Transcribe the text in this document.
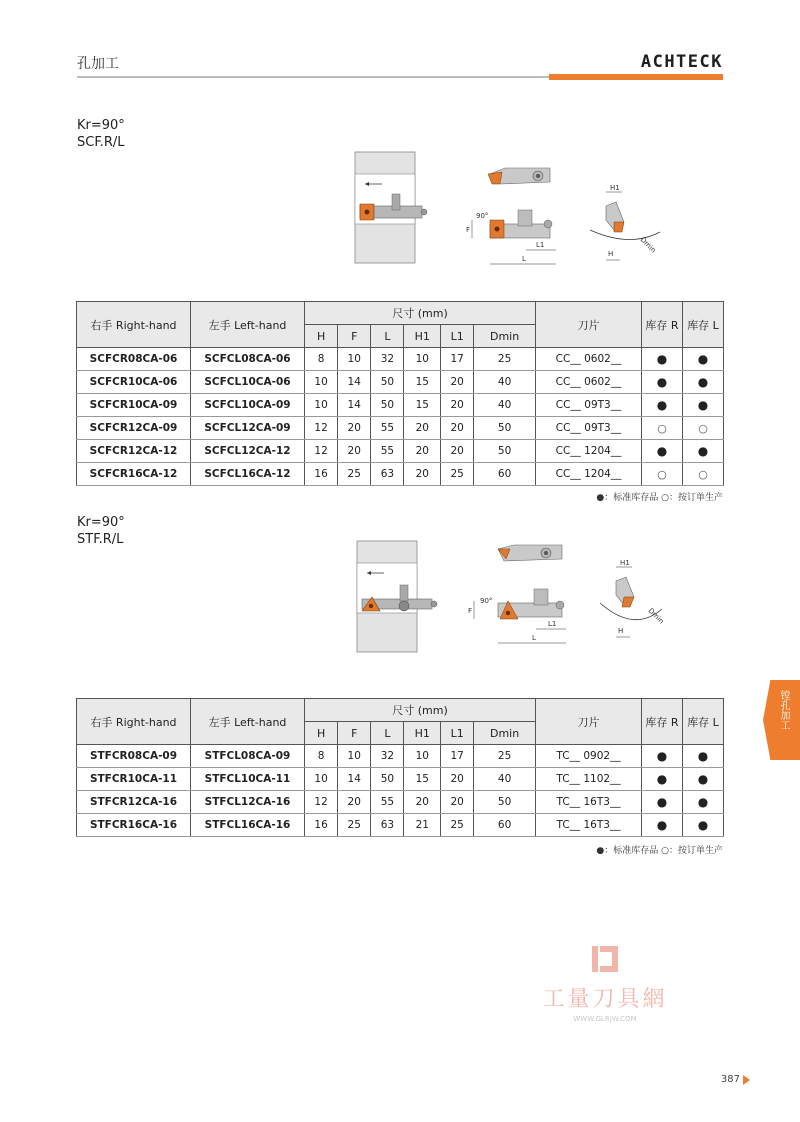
孔加工	ACHTECK
Kr=90°
SCF.R/L
F
90°
L1
L
H1
H	Dmin
右手 Right-hand	左手 Left-hand	尺寸 (mm)						刀片	库存 R	库存 L
		H	F	L	H1	L1	Dmin			
SCFCR08CA-06	SCFCL08CA-06	8	10	32	10	17	25	CC__ 0602__	●	●
SCFCR10CA-06	SCFCL10CA-06	10	14	50	15	20	40	CC__ 0602__	●	●
SCFCR10CA-09	SCFCL10CA-09	10	14	50	15	20	40	CC__ 09T3__	●	●
SCFCR12CA-09	SCFCL12CA-09	12	20	55	20	20	50	CC__ 09T3__	○	○
SCFCR12CA-12	SCFCL12CA-12	12	20	55	20	20	50	CC__ 1204__	●	●
SCFCR16CA-12	SCFCL16CA-12	16	25	63	20	25	60	CC__ 1204__	○	○
●：标准库存品 ○：按订单生产
Kr=90°
STF.R/L
F
90°
L1
L
H1
H
Dmin
右手 Right-hand	左手 Left-hand	尺寸 (mm)						刀片	库存 R	库存 L
		H	F	L	H1	L1	Dmin			
STFCR08CA-09	STFCL08CA-09	8	10	32	10	17	25	TC__ 0902__	●	●
STFCR10CA-11	STFCL10CA-11	10	14	50	15	20	40	TC__ 1102__	●	●
STFCR12CA-16	STFCL12CA-16	12	20	55	20	20	50	TC__ 16T3__	●	●
STFCR16CA-16	STFCL16CA-16	16	25	63	21	25	60	TC__ 16T3__	●	●
●：标准库存品 ○：按订单生产
镗孔加工
工量刀具網
WWW.GLRJW.COM
387
